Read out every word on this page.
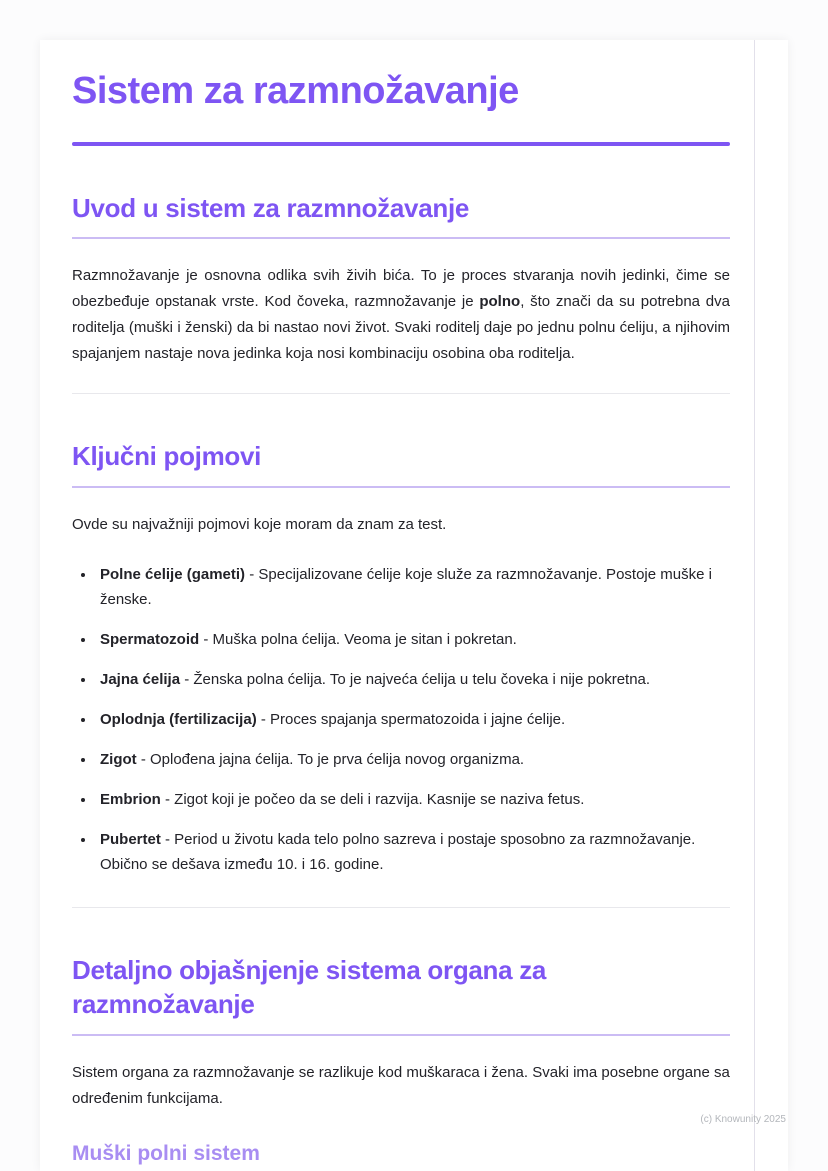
Sistem za razmnožavanje
Uvod u sistem za razmnožavanje

Razmnožavanje je osnovna odlika svih živih bića. To je proces stvaranja novih jedinki, čime se obezbeđuje opstanak vrste. Kod čoveka, razmnožavanje je polno, što znači da su potrebna dva roditelja (muški i ženski) da bi nastao novi život. Svaki roditelj daje po jednu polnu ćeliju, a njihovim spajanjem nastaje nova jedinka koja nosi kombinaciju osobina oba roditelja.

Ključni pojmovi

Ovde su najvažniji pojmovi koje moram da znam za test.

• Polne ćelije (gameti) - Specijalizovane ćelije koje služe za razmnožavanje. Postoje muške i ženske.
• Spermatozoid - Muška polna ćelija. Veoma je sitan i pokretan.
• Jajna ćelija - Ženska polna ćelija. To je najveća ćelija u telu čoveka i nije pokretna.
• Oplodnja (fertilizacija) - Proces spajanja spermatozoida i jajne ćelije.
• Zigot - Oplođena jajna ćelija. To je prva ćelija novog organizma.
• Embrion - Zigot koji je počeo da se deli i razvija. Kasnije se naziva fetus.
• Pubertet - Period u životu kada telo polno sazreva i postaje sposobno za razmnožavanje. Obično se dešava između 10. i 16. godine.
Detaljno objašnjenje sistema organa za razmnožavanje

Sistem organa za razmnožavanje se razlikuje kod muškaraca i žena. Svaki ima posebne organe sa određenim funkcijama.

Muški polni sistem
(c) Knowunity 2025
